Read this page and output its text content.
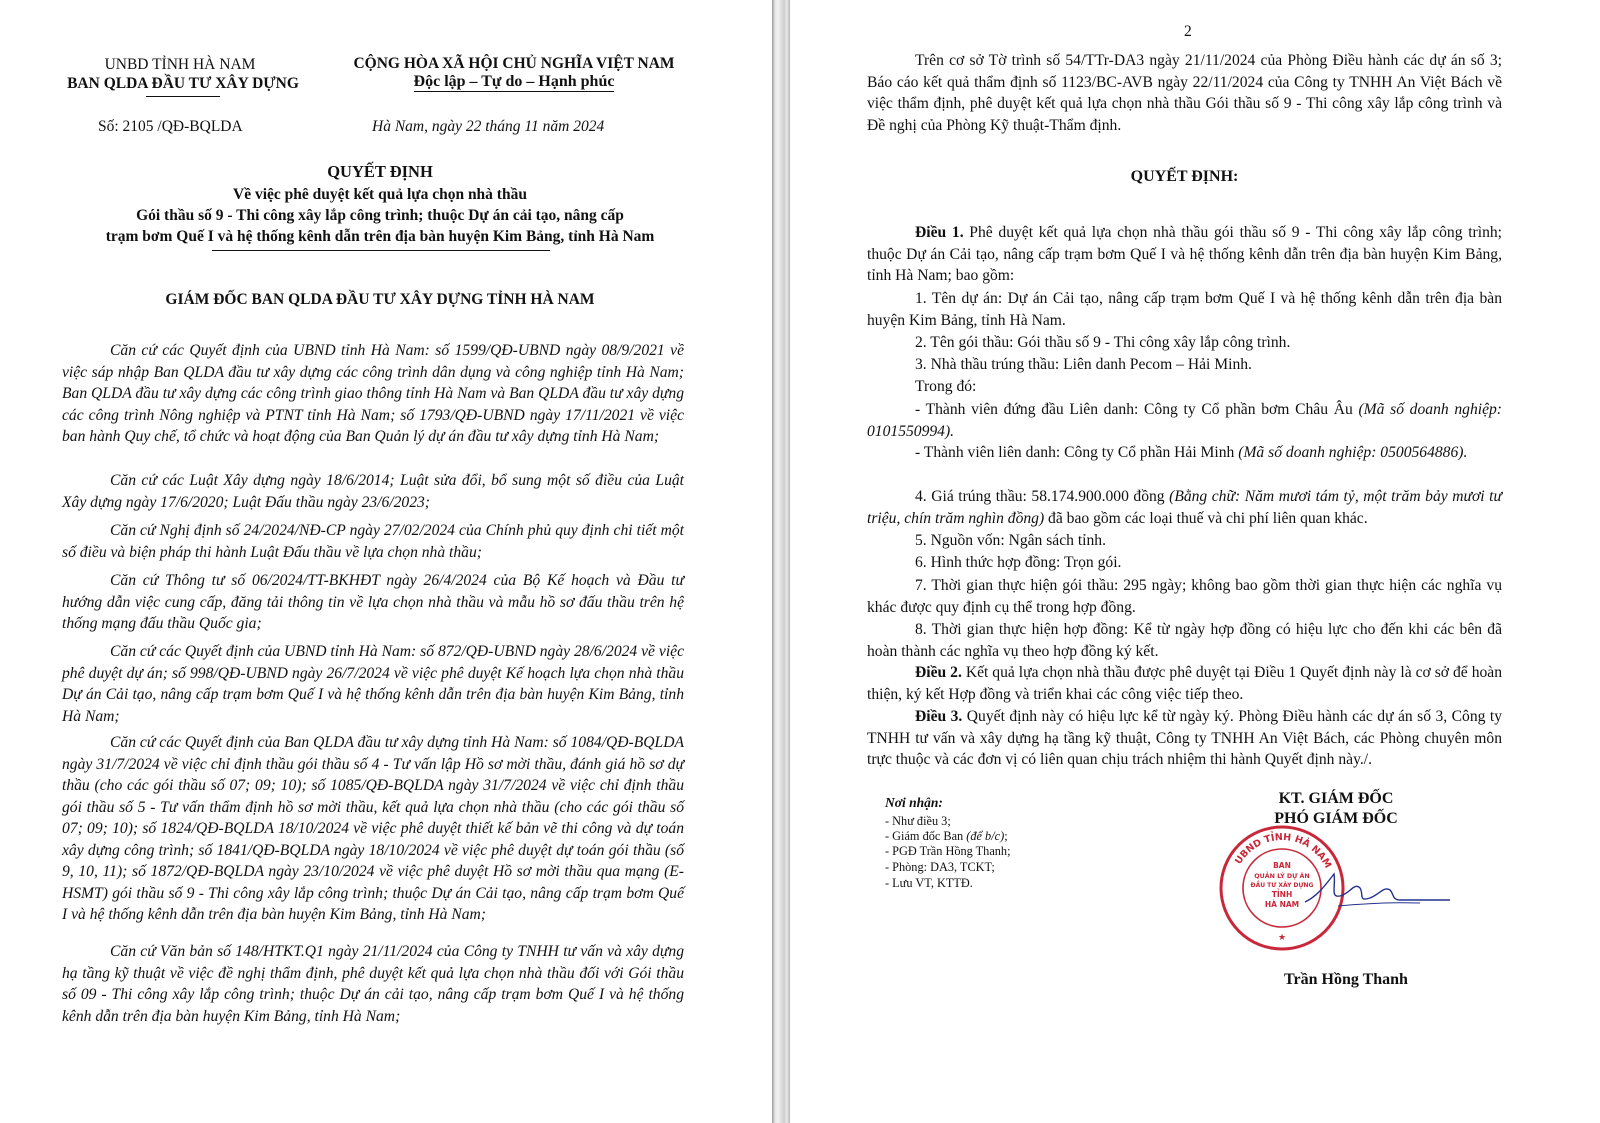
UNBD TỈNH HÀ NAM
BAN QLDA ĐẦU TƯ XÂY DỰNG
CỘNG HÒA XÃ HỘI CHỦ NGHĨA VIỆT NAM
Độc lập – Tự do – Hạnh phúc
Số: 2105 /QĐ-BQLDA	Hà Nam, ngày 22 tháng 11 năm 2024
QUYẾT ĐỊNH
Về việc phê duyệt kết quả lựa chọn nhà thầu
Gói thầu số 9 - Thi công xây lắp công trình; thuộc Dự án cải tạo, nâng cấp
trạm bơm Quế I và hệ thống kênh dẫn trên địa bàn huyện Kim Bảng, tỉnh Hà Nam
GIÁM ĐỐC BAN QLDA ĐẦU TƯ XÂY DỰNG TỈNH HÀ NAM
Căn cứ các Quyết định của UBND tỉnh Hà Nam: số 1599/QĐ-UBND ngày 08/9/2021 về việc sáp nhập Ban QLDA đầu tư xây dựng các công trình dân dụng và công nghiệp tỉnh Hà Nam; Ban QLDA đầu tư xây dựng các công trình giao thông tỉnh Hà Nam và Ban QLDA đầu tư xây dựng các công trình Nông nghiệp và PTNT tỉnh Hà Nam; số 1793/QĐ-UBND ngày 17/11/2021 về việc ban hành Quy chế, tổ chức và hoạt động của Ban Quản lý dự án đầu tư xây dựng tỉnh Hà Nam;
Căn cứ các Luật Xây dựng ngày 18/6/2014; Luật sửa đổi, bổ sung một số điều của Luật Xây dựng ngày 17/6/2020; Luật Đấu thầu ngày 23/6/2023;
Căn cứ Nghị định số 24/2024/NĐ-CP ngày 27/02/2024 của Chính phủ quy định chi tiết một số điều và biện pháp thi hành Luật Đấu thầu về lựa chọn nhà thầu;
Căn cứ Thông tư số 06/2024/TT-BKHĐT ngày 26/4/2024 của Bộ Kế hoạch và Đầu tư hướng dẫn việc cung cấp, đăng tải thông tin về lựa chọn nhà thầu và mẫu hồ sơ đấu thầu trên hệ thống mạng đấu thầu Quốc gia;
Căn cứ các Quyết định của UBND tỉnh Hà Nam: số 872/QĐ-UBND ngày 28/6/2024 về việc phê duyệt dự án; số 998/QĐ-UBND ngày 26/7/2024 về việc phê duyệt Kế hoạch lựa chọn nhà thầu Dự án Cải tạo, nâng cấp trạm bơm Quế I và hệ thống kênh dẫn trên địa bàn huyện Kim Bảng, tỉnh Hà Nam;
Căn cứ các Quyết định của Ban QLDA đầu tư xây dựng tỉnh Hà Nam: số 1084/QĐ-BQLDA ngày 31/7/2024 về việc chỉ định thầu gói thầu số 4 - Tư vấn lập Hồ sơ mời thầu, đánh giá hồ sơ dự thầu (cho các gói thầu số 07; 09; 10); số 1085/QĐ-BQLDA ngày 31/7/2024 về việc chỉ định thầu gói thầu số 5 - Tư vấn thẩm định hồ sơ mời thầu, kết quả lựa chọn nhà thầu (cho các gói thầu số 07; 09; 10); số 1824/QĐ-BQLDA 18/10/2024 về việc phê duyệt thiết kế bản vẽ thi công và dự toán xây dựng công trình; số 1841/QĐ-BQLDA ngày 18/10/2024 về việc phê duyệt dự toán gói thầu (số 9, 10, 11); số 1872/QĐ-BQLDA ngày 23/10/2024 về việc phê duyệt Hồ sơ mời thầu qua mạng (E-HSMT) gói thầu số 9 - Thi công xây lắp công trình; thuộc Dự án Cải tạo, nâng cấp trạm bơm Quế I và hệ thống kênh dẫn trên địa bàn huyện Kim Bảng, tỉnh Hà Nam;
Căn cứ Văn bản số 148/HTKT.Q1 ngày 21/11/2024 của Công ty TNHH tư vấn và xây dựng hạ tầng kỹ thuật về việc đề nghị thẩm định, phê duyệt kết quả lựa chọn nhà thầu đối với Gói thầu số 09 - Thi công xây lắp công trình; thuộc Dự án cải tạo, nâng cấp trạm bơm Quế I và hệ thống kênh dẫn trên địa bàn huyện Kim Bảng, tỉnh Hà Nam;
2
Trên cơ sở Tờ trình số 54/TTr-DA3 ngày 21/11/2024 của Phòng Điều hành các dự án số 3; Báo cáo kết quả thẩm định số 1123/BC-AVB ngày 22/11/2024 của Công ty TNHH An Việt Bách về việc thẩm định, phê duyệt kết quả lựa chọn nhà thầu Gói thầu số 9 - Thi công xây lắp công trình và Đề nghị của Phòng Kỹ thuật-Thẩm định.
QUYẾT ĐỊNH:
Điều 1. Phê duyệt kết quả lựa chọn nhà thầu gói thầu số 9 - Thi công xây lắp công trình; thuộc Dự án Cải tạo, nâng cấp trạm bơm Quế I và hệ thống kênh dẫn trên địa bàn huyện Kim Bảng, tỉnh Hà Nam; bao gồm:
1. Tên dự án: Dự án Cải tạo, nâng cấp trạm bơm Quế I và hệ thống kênh dẫn trên địa bàn huyện Kim Bảng, tỉnh Hà Nam.
2. Tên gói thầu: Gói thầu số 9 - Thi công xây lắp công trình.
3. Nhà thầu trúng thầu: Liên danh Pecom – Hải Minh.
Trong đó:
- Thành viên đứng đầu Liên danh: Công ty Cổ phần bơm Châu Âu (Mã số doanh nghiệp: 0101550994).
- Thành viên liên danh: Công ty Cổ phần Hải Minh (Mã số doanh nghiệp: 0500564886).
4. Giá trúng thầu: 58.174.900.000 đồng (Bằng chữ: Năm mươi tám tỷ, một trăm bảy mươi tư triệu, chín trăm nghìn đồng) đã bao gồm các loại thuế và chi phí liên quan khác.
5. Nguồn vốn: Ngân sách tỉnh.
6. Hình thức hợp đồng: Trọn gói.
7. Thời gian thực hiện gói thầu: 295 ngày; không bao gồm thời gian thực hiện các nghĩa vụ khác được quy định cụ thể trong hợp đồng.
8. Thời gian thực hiện hợp đồng: Kể từ ngày hợp đồng có hiệu lực cho đến khi các bên đã hoàn thành các nghĩa vụ theo hợp đồng ký kết.
Điều 2. Kết quả lựa chọn nhà thầu được phê duyệt tại Điều 1 Quyết định này là cơ sở để hoàn thiện, ký kết Hợp đồng và triển khai các công việc tiếp theo.
Điều 3. Quyết định này có hiệu lực kể từ ngày ký. Phòng Điều hành các dự án số 3, Công ty TNHH tư vấn và xây dựng hạ tầng kỹ thuật, Công ty TNHH An Việt Bách, các Phòng chuyên môn trực thuộc và các đơn vị có liên quan chịu trách nhiệm thi hành Quyết định này./.
Nơi nhận:
- Như điều 3;
- Giám đốc Ban (để b/c);
- PGĐ Trần Hồng Thanh;
- Phòng: DA3, TCKT;
- Lưu VT, KTTĐ.
KT. GIÁM ĐỐC
PHÓ GIÁM ĐỐC
Trần Hồng Thanh
UBND TỈNH HÀ NAM
BAN
QUẢN LÝ DỰ ÁN
ĐẦU TƯ XÂY DỰNG
TỈNH
HÀ NAM
★
